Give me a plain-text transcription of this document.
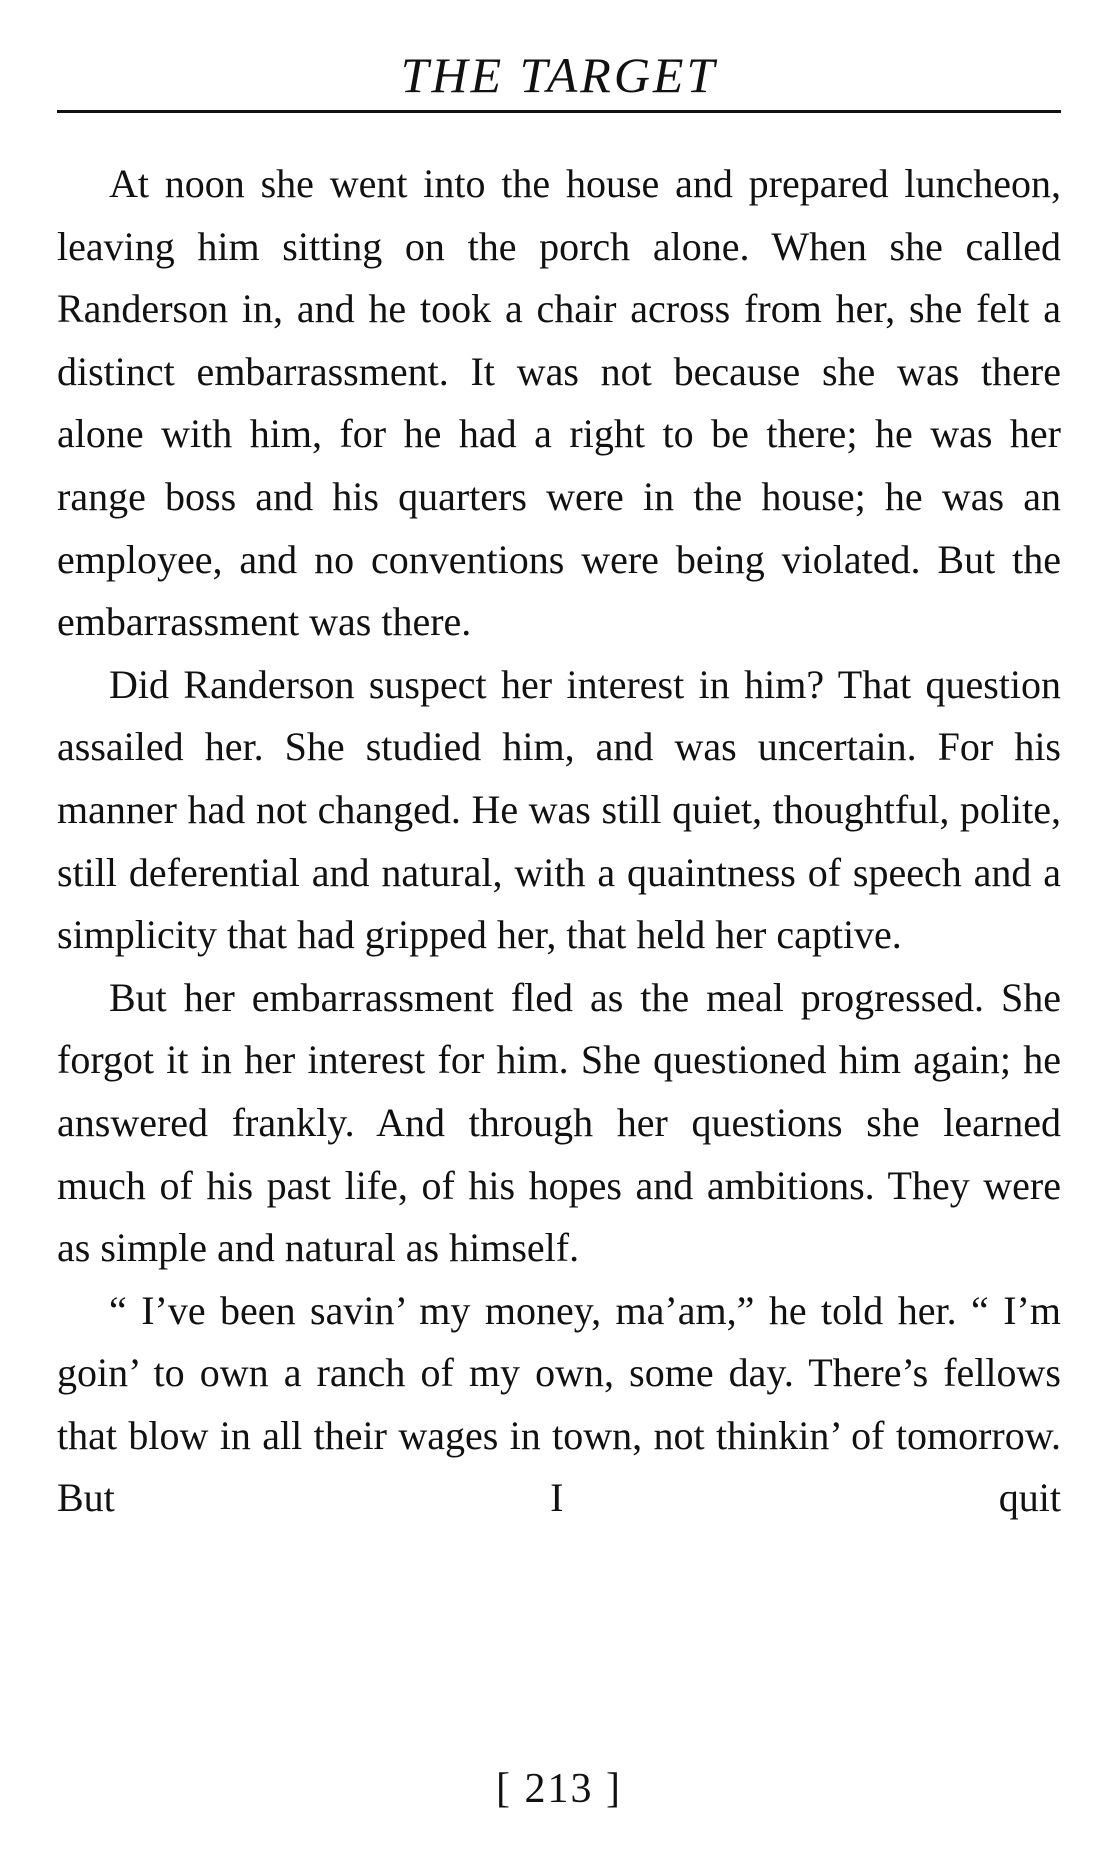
THE TARGET

At noon she went into the house and prepared luncheon, leaving him sitting on the porch alone. When she called Randerson in, and he took a chair across from her, she felt a distinct embarrassment. It was not because she was there alone with him, for he had a right to be there; he was her range boss and his quarters were in the house; he was an employee, and no conventions were being violated. But the embarrassment was there.

Did Randerson suspect her interest in him? That question assailed her. She studied him, and was uncertain. For his manner had not changed. He was still quiet, thoughtful, polite, still deferential and natural, with a quaintness of speech and a simplicity that had gripped her, that held her captive.

But her embarrassment fled as the meal progressed. She forgot it in her interest for him. She questioned him again; he answered frankly. And through her questions she learned much of his past life, of his hopes and ambitions. They were as simple and natural as himself.

“ I’ve been savin’ my money, ma’am,” he told her. “ I’m goin’ to own a ranch of my own, some day. There’s fellows that blow in all their wages in town, not thinkin’ of tomorrow. But I quit

[ 213 ]
